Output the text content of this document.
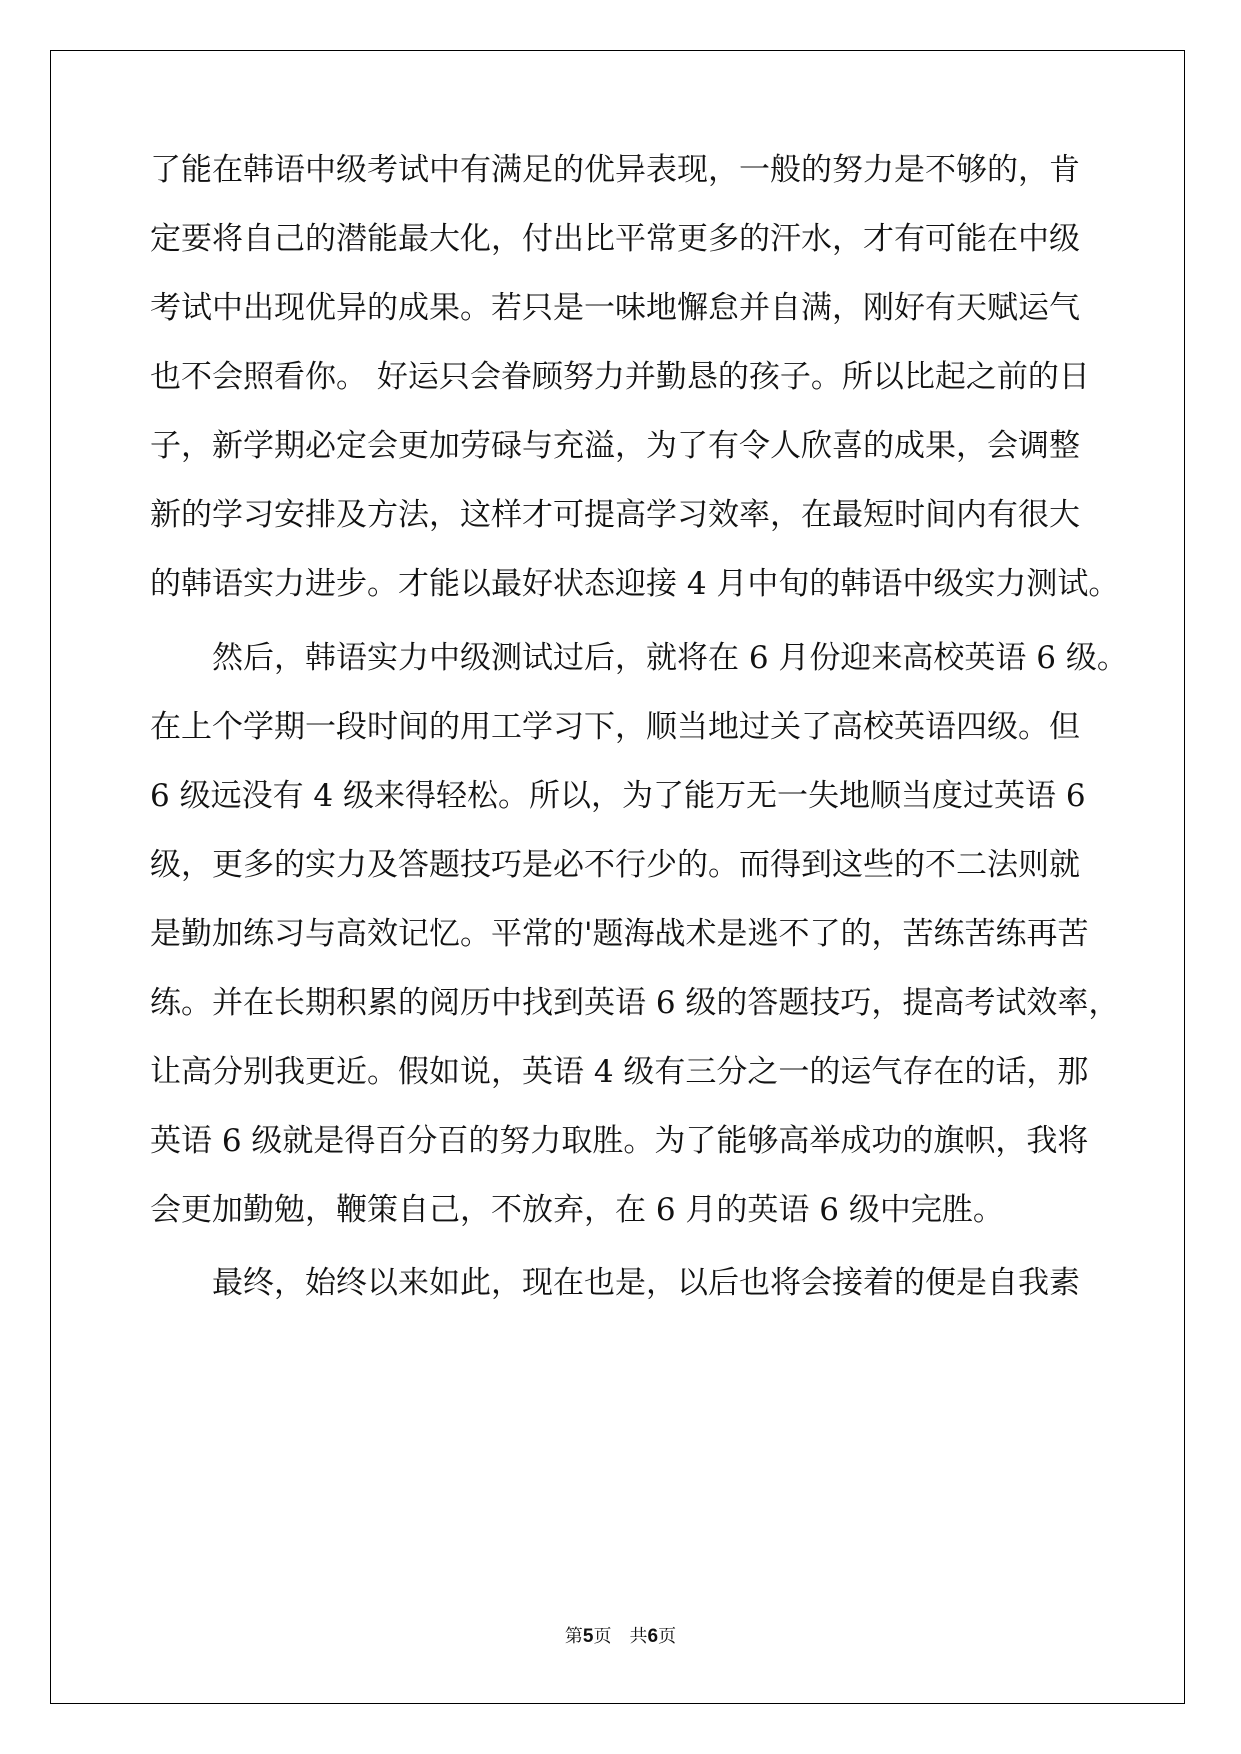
了能在韩语中级考试中有满足的优异表现，一般的努力是不够的，肯
定要将自己的潜能最大化，付出比平常更多的汗水，才有可能在中级
考试中出现优异的成果。若只是一味地懈怠并自满，刚好有天赋运气
也不会照看你。 好运只会眷顾努力并勤恳的孩子。所以比起之前的日
子，新学期必定会更加劳碌与充溢，为了有令人欣喜的成果，会调整
新的学习安排及方法，这样才可提高学习效率，在最短时间内有很大
的韩语实力进步。才能以最好状态迎接 4 月中旬的韩语中级实力测试。
　　然后，韩语实力中级测试过后，就将在 6 月份迎来高校英语 6 级。
在上个学期一段时间的用工学习下，顺当地过关了高校英语四级。但
6 级远没有 4 级来得轻松。所以，为了能万无一失地顺当度过英语 6
级，更多的实力及答题技巧是必不行少的。而得到这些的不二法则就
是勤加练习与高效记忆。平常的'题海战术是逃不了的，苦练苦练再苦
练。并在长期积累的阅历中找到英语 6 级的答题技巧，提高考试效率，
让高分别我更近。假如说，英语 4 级有三分之一的运气存在的话，那
英语 6 级就是得百分百的努力取胜。为了能够高举成功的旗帜，我将
会更加勤勉，鞭策自己，不放弃，在 6 月的英语 6 级中完胜。
　　最终，始终以来如此，现在也是，以后也将会接着的便是自我素
第5页　共6页
